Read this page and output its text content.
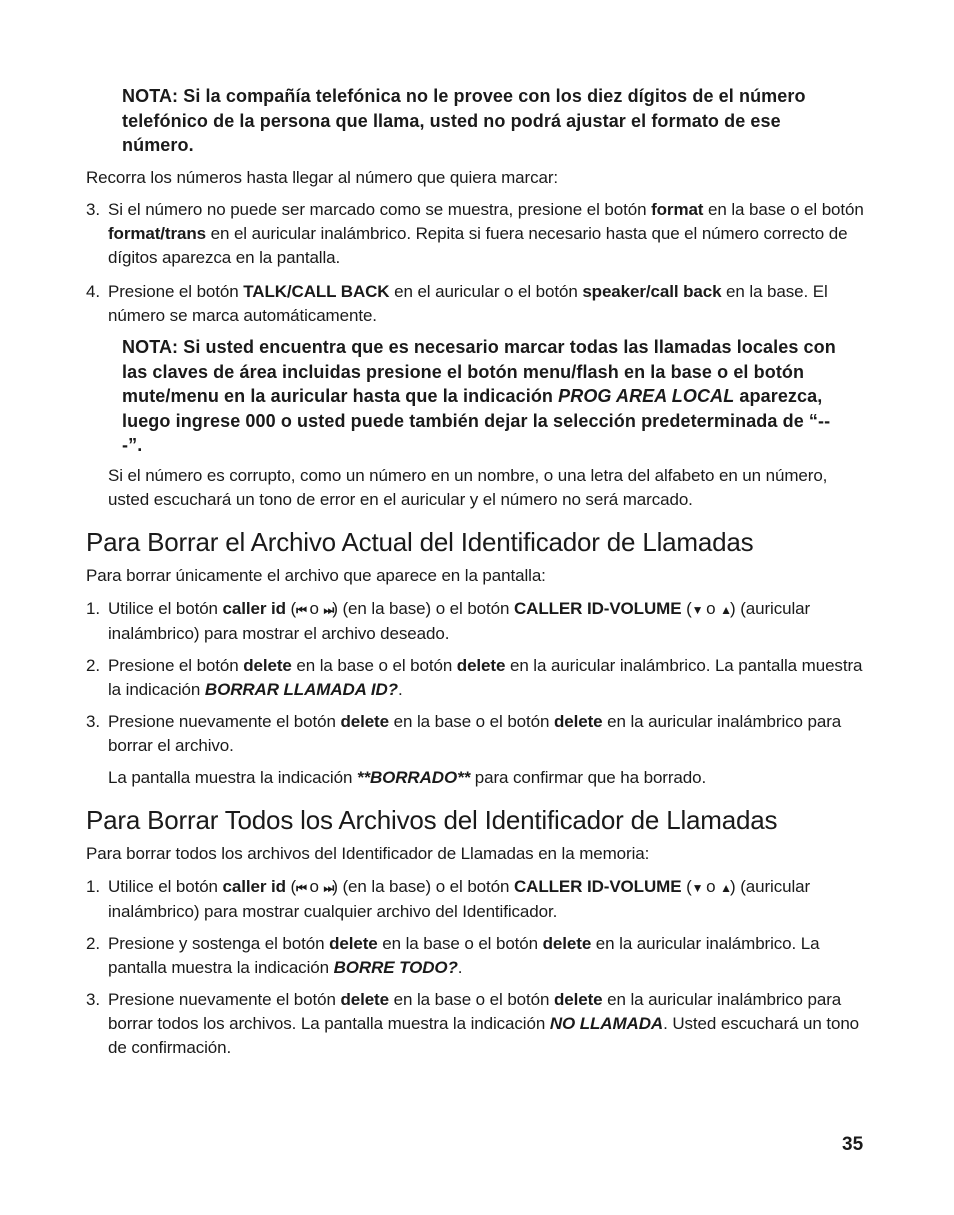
NOTA: Si la compañía telefónica no le provee con los diez dígitos de el número telefónico de la persona que llama, usted no podrá ajustar el formato de ese número.
Recorra los números hasta llegar al número que quiera marcar:
3. Si el número no puede ser marcado como se muestra, presione el botón format en la base o el botón format/trans en el auricular inalámbrico. Repita si fuera necesario hasta que el número correcto de dígitos aparezca en la pantalla.
4. Presione el botón TALK/CALL BACK en el auricular o el botón speaker/call back en la base. El número se marca automáticamente.
NOTA: Si usted encuentra que es necesario marcar todas las llamadas locales con las claves de área incluidas presione el botón menu/flash en la base o el botón mute/menu en la auricular hasta que la indicación PROG AREA LOCAL aparezca, luego ingrese 000 o usted puede también dejar la selección predeterminada de “---”.
Si el número es corrupto, como un número en un nombre, o una letra del alfabeto en un número, usted escuchará un tono de error en el auricular y el número no será marcado.
Para Borrar el Archivo Actual del Identificador de Llamadas
Para borrar únicamente el archivo que aparece en la pantalla:
1. Utilice el botón caller id (⏮ o ⏭) (en la base) o el botón CALLER ID-VOLUME (▼ o ▲) (auricular inalámbrico) para mostrar el archivo deseado.
2. Presione el botón delete en la base o el botón delete en la auricular inalámbrico. La pantalla muestra la indicación BORRAR LLAMADA ID?.
3. Presione nuevamente el botón delete en la base o el botón delete en la auricular inalámbrico para borrar el archivo.
La pantalla muestra la indicación **BORRADO** para confirmar que ha borrado.
Para Borrar Todos los Archivos del Identificador de Llamadas
Para borrar todos los archivos del Identificador de Llamadas en la memoria:
1. Utilice el botón caller id (⏮ o ⏭) (en la base) o el botón CALLER ID-VOLUME (▼ o ▲) (auricular inalámbrico) para mostrar cualquier archivo del Identificador.
2. Presione y sostenga el botón delete en la base o el botón delete en la auricular inalámbrico. La pantalla muestra la indicación BORRE TODO?.
3. Presione nuevamente el botón delete en la base o el botón delete en la auricular inalámbrico para borrar todos los archivos. La pantalla muestra la indicación NO LLAMADA. Usted escuchará un tono de confirmación.
35
